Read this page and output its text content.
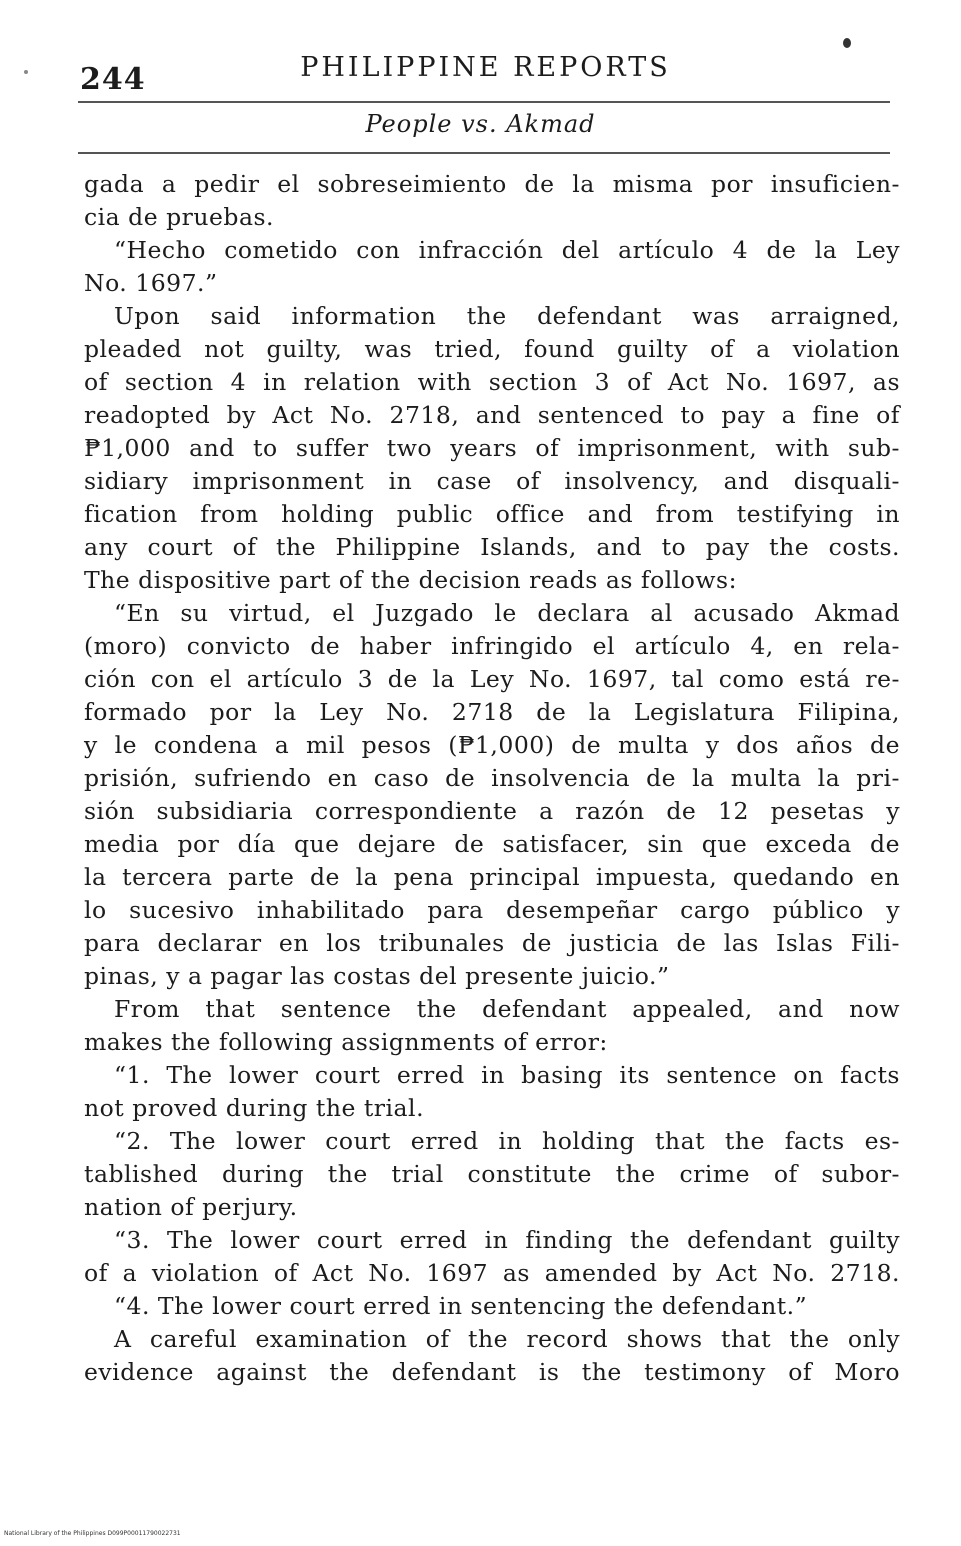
244	PHILIPPINE REPORTS
People vs. Akmad
gada a pedir el sobreseimiento de la misma por insuficien-
cia de pruebas.
“Hecho cometido con infracción del artículo 4 de la Ley
No. 1697.”
Upon said information the defendant was arraigned,
pleaded not guilty, was tried, found guilty of a violation
of section 4 in relation with section 3 of Act No. 1697, as
readopted by Act No. 2718, and sentenced to pay a fine of
₱1,000 and to suffer two years of imprisonment, with sub-
sidiary imprisonment in case of insolvency, and disquali-
fication from holding public office and from testifying in
any court of the Philippine Islands, and to pay the costs.
The dispositive part of the decision reads as follows:
“En su virtud, el Juzgado le declara al acusado Akmad
(moro) convicto de haber infringido el artículo 4, en rela-
ción con el artículo 3 de la Ley No. 1697, tal como está re-
formado por la Ley No. 2718 de la Legislatura Filipina,
y le condena a mil pesos (₱1,000) de multa y dos años de
prisión, sufriendo en caso de insolvencia de la multa la pri-
sión subsidiaria correspondiente a razón de 12 pesetas y
media por día que dejare de satisfacer, sin que exceda de
la tercera parte de la pena principal impuesta, quedando en
lo sucesivo inhabilitado para desempeñar cargo público y
para declarar en los tribunales de justicia de las Islas Fili-
pinas, y a pagar las costas del presente juicio.”
From that sentence the defendant appealed, and now
makes the following assignments of error:
“1. The lower court erred in basing its sentence on facts
not proved during the trial.
“2. The lower court erred in holding that the facts es-
tablished during the trial constitute the crime of subor-
nation of perjury.
“3. The lower court erred in finding the defendant guilty
of a violation of Act No. 1697 as amended by Act No. 2718.
“4. The lower court erred in sentencing the defendant.”
A careful examination of the record shows that the only
evidence against the defendant is the testimony of Moro
National Library of the Philippines D099P00011790022731
